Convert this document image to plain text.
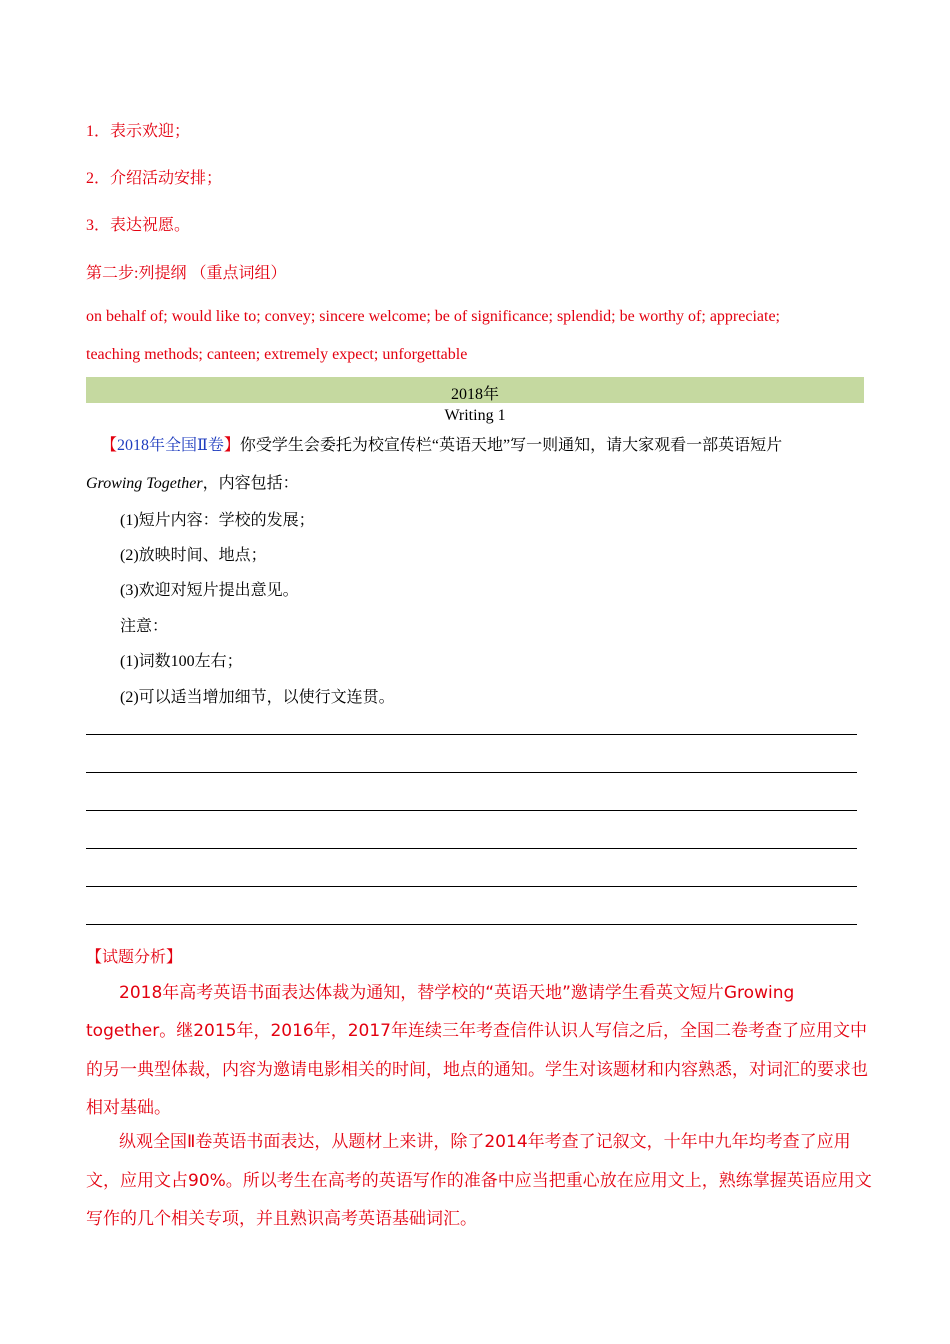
1．表示欢迎；
2．介绍活动安排；
3．表达祝愿。
第二步:列提纲 （重点词组）
on behalf of; would like to; convey; sincere welcome; be of significance; splendid; be worthy of; appreciate;
teaching methods; canteen; extremely expect; unforgettable
2018年
Writing 1
【2018年全国Ⅱ卷】你受学生会委托为校宣传栏“英语天地”写一则通知，请大家观看一部英语短片
Growing Together，内容包括：
(1)短片内容：学校的发展；
(2)放映时间、地点；
(3)欢迎对短片提出意见。
注意：
(1)词数100左右；
(2)可以适当增加细节，以使行文连贯。
【试题分析】
2018年高考英语书面表达体裁为通知，替学校的“英语天地”邀请学生看英文短片Growing
together。继2015年，2016年，2017年连续三年考查信件认识人写信之后，全国二卷考查了应用文中
的另一典型体裁，内容为邀请电影相关的时间，地点的通知。学生对该题材和内容熟悉，对词汇的要求也
相对基础。
纵观全国Ⅱ卷英语书面表达，从题材上来讲，除了2014年考查了记叙文，十年中九年均考查了应用
文，应用文占90%。所以考生在高考的英语写作的准备中应当把重心放在应用文上，熟练掌握英语应用文
写作的几个相关专项，并且熟识高考英语基础词汇。
